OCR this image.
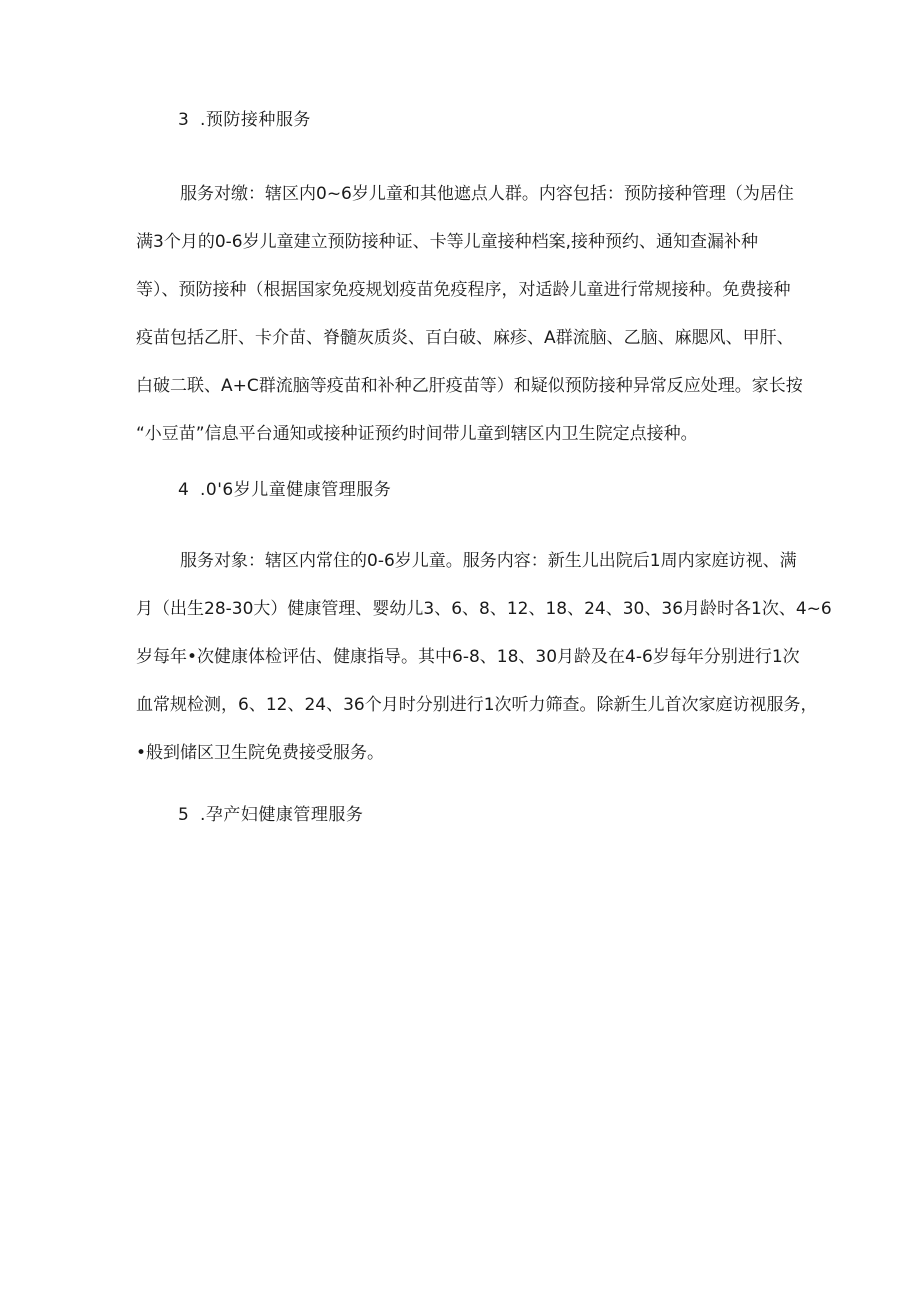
3 .预防接种服务
服务对缴：辖区内0~6岁儿童和其他遮点人群。内容包括：预防接种管理（为居住
满3个月的0-6岁儿童建立预防接种证、卡等儿童接种档案,接种预约、通知查漏补种
等）、预防接种（根据国家免疫规划疫苗免疫程序，对适龄儿童进行常规接种。免费接种
疫苗包括乙肝、卡介苗、脊髓灰质炎、百白破、麻疹、A群流脑、乙脑、麻腮风、甲肝、
白破二联、A+C群流脑等疫苗和补种乙肝疫苗等）和疑似预防接种异常反应处理。家长按
“小豆苗”信息平台通知或接种证预约时间带儿童到辖区内卫生院定点接种。
4 .0'6岁儿童健康管理服务
服务对象：辖区内常住的0-6岁儿童。服务内容：新生儿出院后1周内家庭访视、满
月（出生28-30大）健康管理、婴幼儿3、6、8、12、18、24、30、36月龄时各1次、4~6
岁每年•次健康体检评估、健康指导。其中6-8、18、30月龄及在4-6岁每年分别进行1次
血常规检测，6、12、24、36个月时分别进行1次听力筛查。除新生儿首次家庭访视服务，
•般到储区卫生院免费接受服务。
5 .孕产妇健康管理服务
